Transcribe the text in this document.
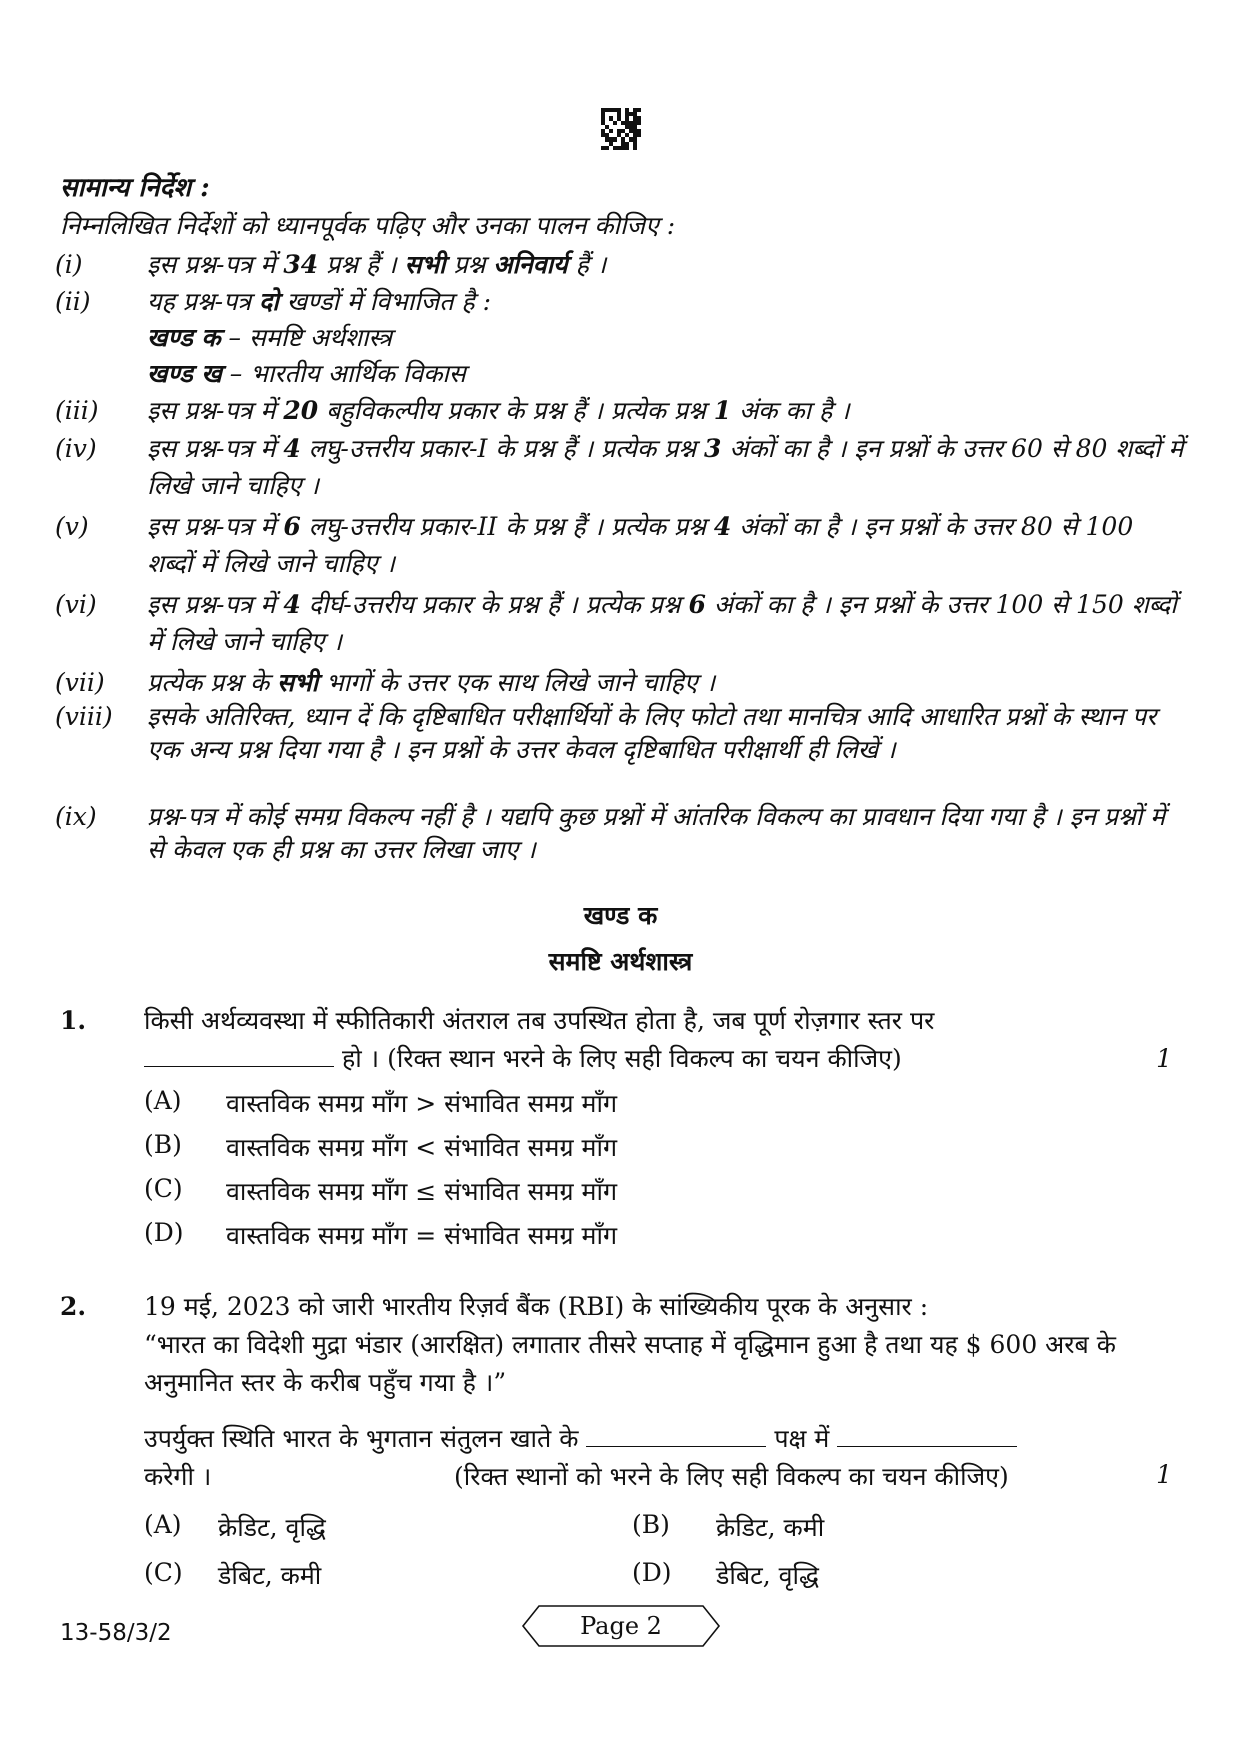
सामान्य निर्देश :
निम्नलिखित निर्देशों को ध्यानपूर्वक पढ़िए और उनका पालन कीजिए :
(i)	इस प्रश्न-पत्र में 34 प्रश्न हैं । सभी प्रश्न अनिवार्य हैं ।
(ii)	यह प्रश्न-पत्र दो खण्डों में विभाजित है :
खण्ड क – समष्टि अर्थशास्त्र
खण्ड ख – भारतीय आर्थिक विकास
(iii)	इस प्रश्न-पत्र में 20 बहुविकल्पीय प्रकार के प्रश्न हैं । प्रत्येक प्रश्न 1 अंक का है ।
(iv)	इस प्रश्न-पत्र में 4 लघु-उत्तरीय प्रकार-I के प्रश्न हैं । प्रत्येक प्रश्न 3 अंकों का है । इन प्रश्नों के उत्तर 60 से 80 शब्दों में लिखे जाने चाहिए ।
(v)	इस प्रश्न-पत्र में 6 लघु-उत्तरीय प्रकार-II के प्रश्न हैं । प्रत्येक प्रश्न 4 अंकों का है । इन प्रश्नों के उत्तर 80 से 100 शब्दों में लिखे जाने चाहिए ।
(vi)	इस प्रश्न-पत्र में 4 दीर्घ-उत्तरीय प्रकार के प्रश्न हैं । प्रत्येक प्रश्न 6 अंकों का है । इन प्रश्नों के उत्तर 100 से 150 शब्दों में लिखे जाने चाहिए ।
(vii)	प्रत्येक प्रश्न के सभी भागों के उत्तर एक साथ लिखे जाने चाहिए ।
(viii)	इसके अतिरिक्त, ध्यान दें कि दृष्टिबाधित परीक्षार्थियों के लिए फोटो तथा मानचित्र आदि आधारित प्रश्नों के स्थान पर एक अन्य प्रश्न दिया गया है । इन प्रश्नों के उत्तर केवल दृष्टिबाधित परीक्षार्थी ही लिखें ।
(ix)	प्रश्न-पत्र में कोई समग्र विकल्प नहीं है । यद्यपि कुछ प्रश्नों में आंतरिक विकल्प का प्रावधान दिया गया है । इन प्रश्नों में से केवल एक ही प्रश्न का उत्तर लिखा जाए ।
खण्ड क
समष्टि अर्थशास्त्र
1. किसी अर्थव्यवस्था में स्फीतिकारी अंतराल तब उपस्थित होता है, जब पूर्ण रोज़गार स्तर पर
हो । (रिक्त स्थान भरने के लिए सही विकल्प का चयन कीजिए)	1
(A) वास्तविक समग्र माँग > संभावित समग्र माँग
(B) वास्तविक समग्र माँग < संभावित समग्र माँग
(C) वास्तविक समग्र माँग ≤ संभावित समग्र माँग
(D) वास्तविक समग्र माँग = संभावित समग्र माँग
2. 19 मई, 2023 को जारी भारतीय रिज़र्व बैंक (RBI) के सांख्यिकीय पूरक के अनुसार :
“भारत का विदेशी मुद्रा भंडार (आरक्षित) लगातार तीसरे सप्ताह में वृद्धिमान हुआ है तथा यह $ 600 अरब के अनुमानित स्तर के करीब पहुँच गया है ।”
उपर्युक्त स्थिति भारत के भुगतान संतुलन खाते के	पक्ष में
करेगी ।	(रिक्त स्थानों को भरने के लिए सही विकल्प का चयन कीजिए)	1
(A) क्रेडिट, वृद्धि	(B) क्रेडिट, कमी
(C) डेबिट, कमी	(D) डेबिट, वृद्धि
13-58/3/2	Page 2
